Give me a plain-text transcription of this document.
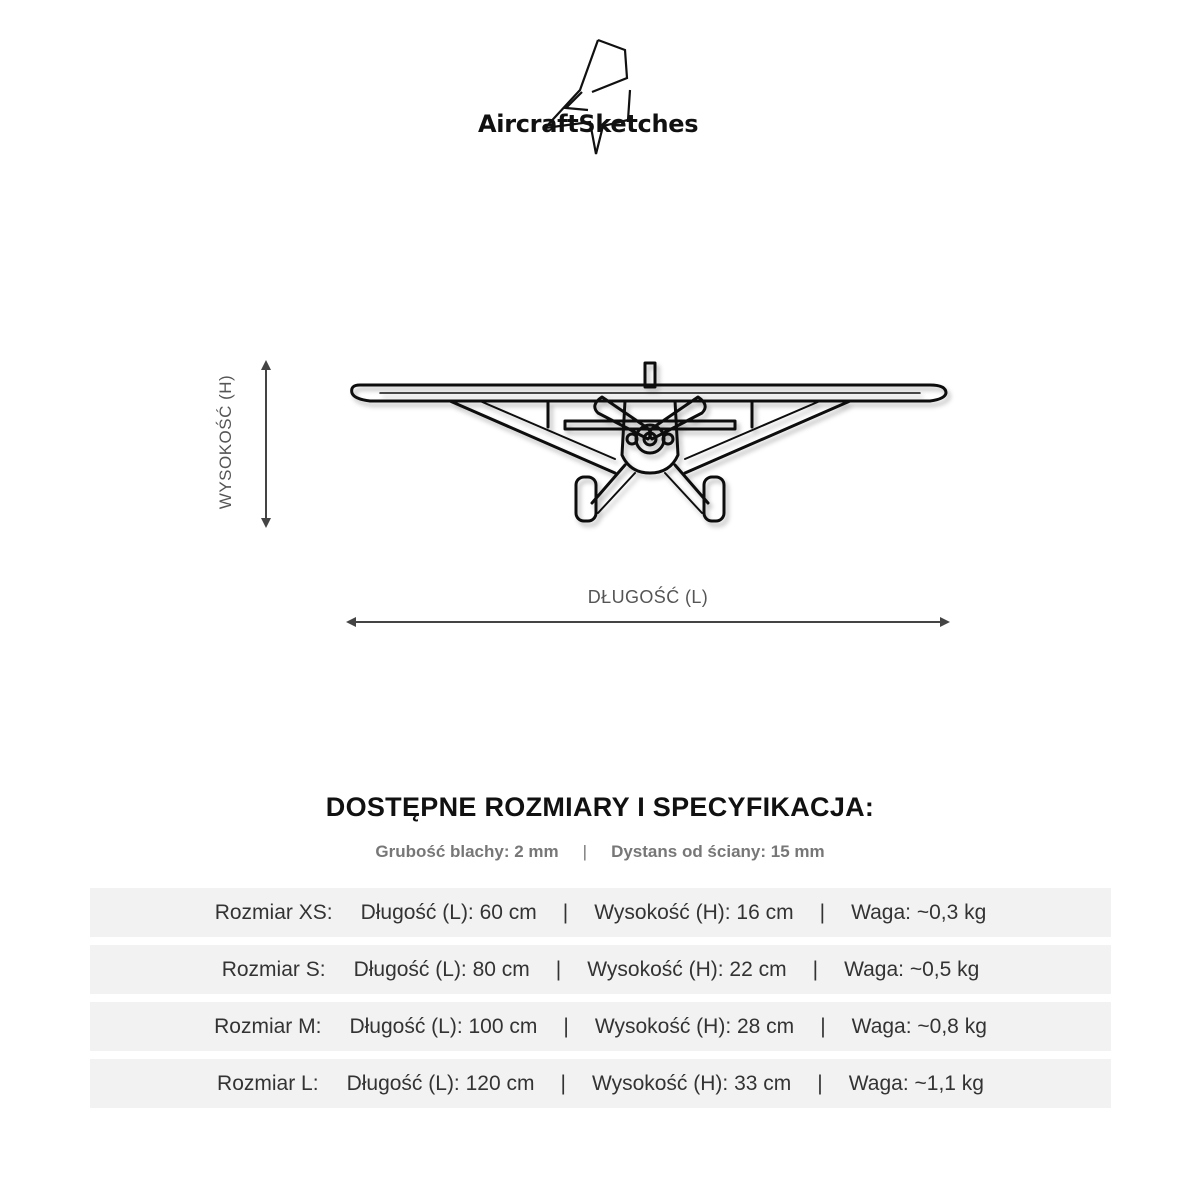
AircraftSketches
WYSOKOŚĆ (H)
DŁUGOŚĆ (L)
DOSTĘPNE ROZMIARY I SPECYFIKACJA:
Grubość blachy: 2 mm | Dystans od ściany: 15 mm
Rozmiar XS: Długość (L): 60 cm | Wysokość (H): 16 cm | Waga: ~0,3 kg
Rozmiar S: Długość (L): 80 cm | Wysokość (H): 22 cm | Waga: ~0,5 kg
Rozmiar M: Długość (L): 100 cm | Wysokość (H): 28 cm | Waga: ~0,8 kg
Rozmiar L: Długość (L): 120 cm | Wysokość (H): 33 cm | Waga: ~1,1 kg
